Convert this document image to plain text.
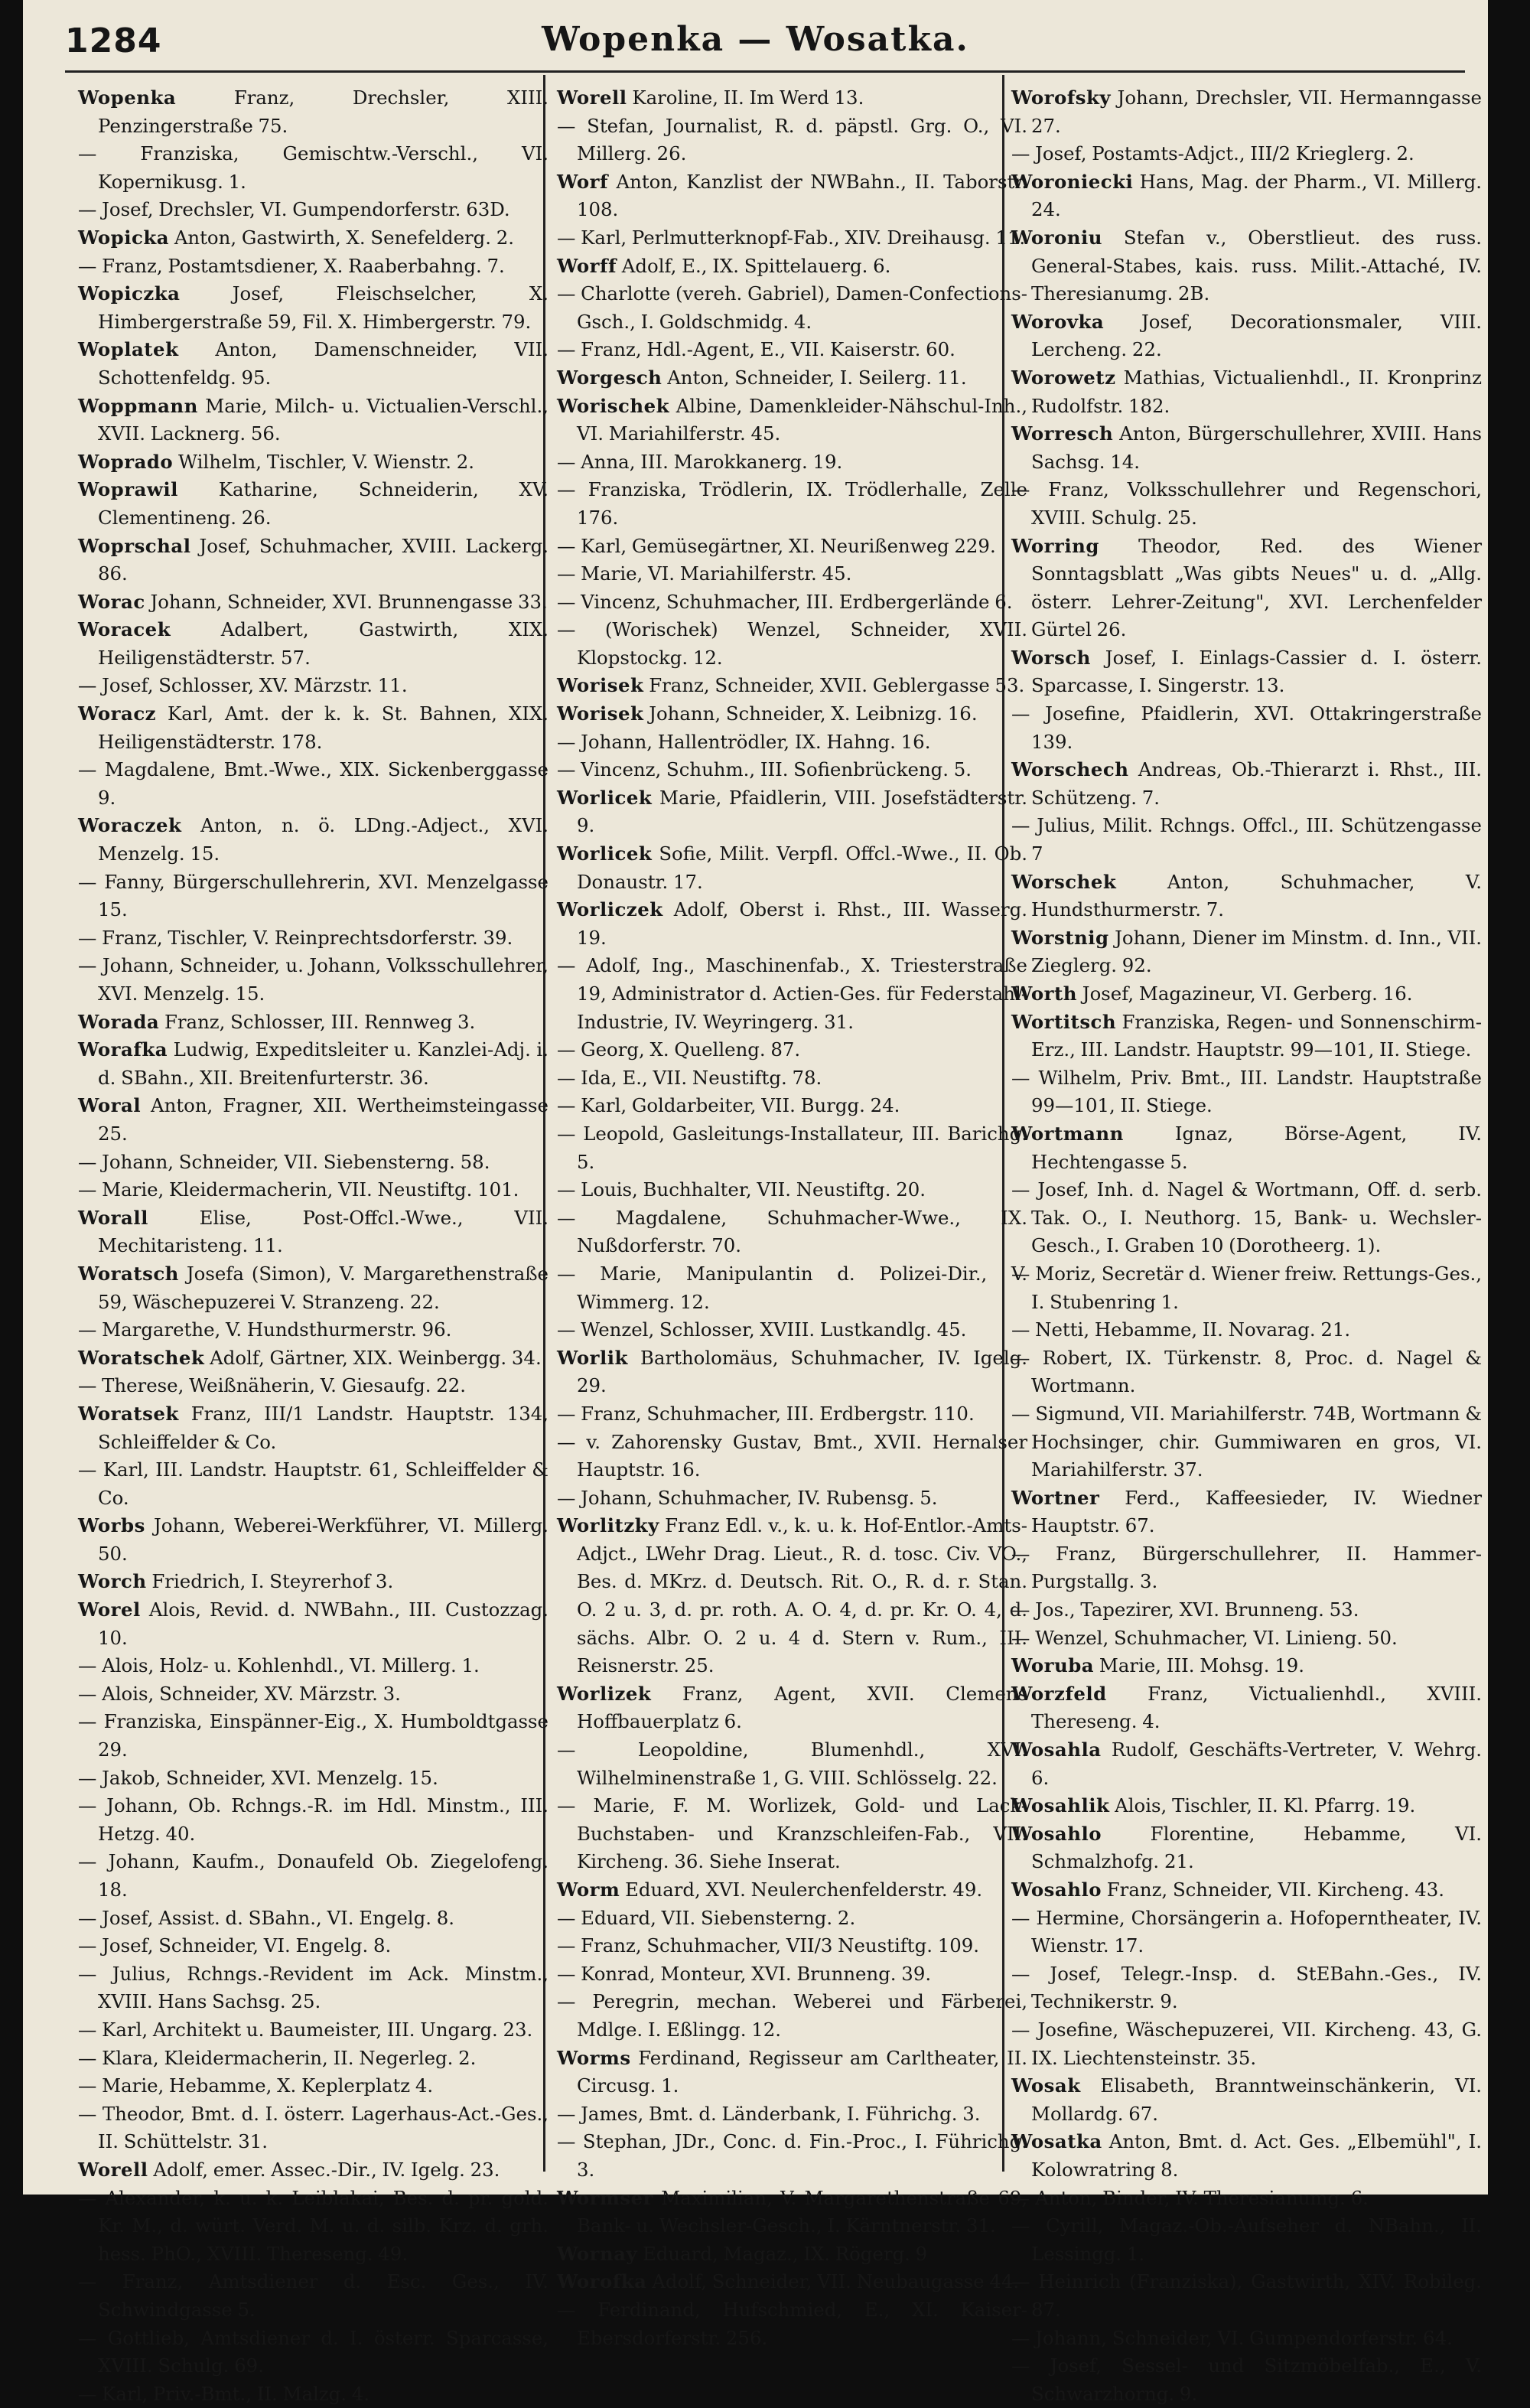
1284	Wopenka — Wosatka.
Wopenka	Franz, Drechsler, XIII. Penzingerstraße 75.
— Franziska, Gemischtw.-Verschl., VI. Kopernikusg. 1.
— Josef, Drechsler, VI. Gumpendorferstr. 63D.
Wopicka Anton, Gastwirth, X. Senefelderg. 2.
— Franz, Postamtsdiener, X. Raaberbahng. 7.
Wopiczka	Josef, Fleischselcher, X. Himbergerstraße 59, Fil. X. Himbergerstr. 79.
Woplatek Anton, Damenschneider, VII. Schottenfeldg. 95.
Woppmann Marie, Milch- u. Victualien-Verschl., XVII. Lacknerg. 56.
Woprado Wilhelm, Tischler, V. Wienstr. 2.
Woprawil Katharine, Schneiderin, XV. Clementineng. 26.
Woprschal Josef, Schuhmacher, XVIII. Lackerg. 86.
Worac Johann, Schneider, XVI. Brunnengasse 33.
Woracek	Adalbert, Gastwirth, XIX. Heiligenstädterstr. 57.
— Josef, Schlosser, XV. Märzstr. 11.
Woracz Karl, Amt. der k. k. St. Bahnen, XIX. Heiligenstädterstr. 178.
— Magdalene, Bmt.-Wwe., XIX. Sickenberggasse 9.
Woraczek Anton, n. ö. LDng.-Adject., XVI. Menzelg. 15.
— Fanny, Bürgerschullehrerin, XVI. Menzelgasse 15.
— Franz, Tischler, V. Reinprechtsdorferstr. 39.
— Johann, Schneider, u. Johann, Volksschullehrer, XVI. Menzelg. 15.
Worada Franz, Schlosser, III. Rennweg 3.
Worafka Ludwig, Expeditsleiter u. Kanzlei-Adj. i. d. SBahn., XII. Breitenfurterstr. 36.
Woral Anton, Fragner, XII. Wertheimsteingasse 25.
— Johann, Schneider, VII. Siebensterng. 58.
— Marie, Kleidermacherin, VII. Neustiftg. 101.
Worall	Elise, Post-Offcl.-Wwe., VII. Mechitaristeng. 11.
Woratsch Josefa (Simon), V. Margarethenstraße 59, Wäschepuzerei V. Stranzeng. 22.
— Margarethe, V. Hundsthurmerstr. 96.
Woratschek Adolf, Gärtner, XIX. Weinbergg. 34.
— Therese, Weißnäherin, V. Giesaufg. 22.
Woratsek Franz, III/1 Landstr. Hauptstr. 134, Schleiffelder & Co.
— Karl, III. Landstr. Hauptstr. 61, Schleiffelder & Co.
Worbs Johann, Weberei-Werkführer, VI. Millerg. 50.
Worch Friedrich, I. Steyrerhof 3.
Worel Alois, Revid. d. NWBahn., III. Custozzag. 10.
— Alois, Holz- u. Kohlenhdl., VI. Millerg. 1.
— Alois, Schneider, XV. Märzstr. 3.
— Franziska, Einspänner-Eig., X. Humboldtgasse 29.
— Jakob, Schneider, XVI. Menzelg. 15.
— Johann, Ob. Rchngs.-R. im Hdl. Minstm., III. Hetzg. 40.
— Johann, Kaufm., Donaufeld Ob. Ziegelofeng. 18.
— Josef, Assist. d. SBahn., VI. Engelg. 8.
— Josef, Schneider, VI. Engelg. 8.
— Julius, Rchngs.-Revident im Ack. Minstm., XVIII. Hans Sachsg. 25.
— Karl, Architekt u. Baumeister, III. Ungarg. 23.
— Klara, Kleidermacherin, II. Negerleg. 2.
— Marie, Hebamme, X. Keplerplatz 4.
— Theodor, Bmt. d. I. österr. Lagerhaus-Act.-Ges., II. Schüttelstr. 31.
Worell Adolf, emer. Assec.-Dir., IV. Igelg. 23.
— Alexander, k. u. k. Leiblakai, Bes. d. pr. gold. Kr. M., d. würt. Verd. M. u. d. silb. Krz. d. grh. hess. PhO., XVIII. Thereseng. 49.
— Franz, Amtsdiener d. Esc. Ges., IV. Schwindgasse 5.
— Gottlieb, Amtsdiener d. I. österr. Sparcasse, XVIII. Schulg. 69.
— Karl, Priv.-Bmt., II. Malzg. 4.
Worell Karoline, II. Im Werd 13.
— Stefan, Journalist, R. d. päpstl. Grg. O., VI. Millerg. 26.
Worf Anton, Kanzlist der NWBahn., II. Taborstr. 108.
— Karl, Perlmutterknopf-Fab., XIV. Dreihausg. 11.
Worff Adolf, E., IX. Spittelauerg. 6.
— Charlotte (vereh. Gabriel), Damen-Confections-Gsch., I. Goldschmidg. 4.
— Franz, Hdl.-Agent, E., VII. Kaiserstr. 60.
Worgesch Anton, Schneider, I. Seilerg. 11.
Worischek Albine, Damenkleider-Nähschul-Inh., VI. Mariahilferstr. 45.
— Anna, III. Marokkanerg. 19.
— Franziska, Trödlerin, IX. Trödlerhalle, Zelle 176.
— Karl, Gemüsegärtner, XI. Neurißenweg 229.
— Marie, VI. Mariahilferstr. 45.
— Vincenz, Schuhmacher, III. Erdbergerlände 6.
— (Worischek) Wenzel, Schneider, XVII. Klopstockg. 12.
Worisek Franz, Schneider, XVII. Geblergasse 53.
Worisek Johann, Schneider, X. Leibnizg. 16.
— Johann, Hallentrödler, IX. Hahng. 16.
— Vincenz, Schuhm., III. Sofienbrückeng. 5.
Worlicek Marie, Pfaidlerin, VIII. Josefstädterstr. 9.
Worlicek Sofie, Milit. Verpfl. Offcl.-Wwe., II. Ob. Donaustr. 17.
Worliczek Adolf, Oberst i. Rhst., III. Wasserg. 19.
— Adolf, Ing., Maschinenfab., X. Triesterstraße 19, Administrator d. Actien-Ges. für Federstahl-Industrie, IV. Weyringerg. 31.
— Georg, X. Quelleng. 87.
— Ida, E., VII. Neustiftg. 78.
— Karl, Goldarbeiter, VII. Burgg. 24.
— Leopold, Gasleitungs-Installateur, III. Barichg. 5.
— Louis, Buchhalter, VII. Neustiftg. 20.
— Magdalene, Schuhmacher-Wwe., IX. Nußdorferstr. 70.
— Marie, Manipulantin d. Polizei-Dir., V. Wimmerg. 12.
— Wenzel, Schlosser, XVIII. Lustkandlg. 45.
Worlik Bartholomäus, Schuhmacher, IV. Igelg. 29.
— Franz, Schuhmacher, III. Erdbergstr. 110.
— v. Zahorensky Gustav, Bmt., XVII. Hernalser Hauptstr. 16.
— Johann, Schuhmacher, IV. Rubensg. 5.
Worlitzky Franz Edl. v., k. u. k. Hof-Entlor.-Amts-Adjct., LWehr Drag. Lieut., R. d. tosc. Civ. VO., Bes. d. MKrz. d. Deutsch. Rit. O., R. d. r. Stan. O. 2 u. 3, d. pr. roth. A. O. 4, d. pr. Kr. O. 4, d. sächs. Albr. O. 2 u. 4 d. Stern v. Rum., III. Reisnerstr. 25.
Worlizek Franz, Agent, XVII. Clemens Hoffbauerplatz 6.
— Leopoldine, Blumenhdl., XVI. Wilhelminenstraße 1, G. VIII. Schlösselg. 22.
— Marie, F. M. Worlizek, Gold- und Lack-Buchstaben- und Kranzschleifen-Fab., VII. Kircheng. 36. Siehe Inserat.
Worm Eduard, XVI. Neulerchenfelderstr. 49.
— Eduard, VII. Siebensterng. 2.
— Franz, Schuhmacher, VII/3 Neustiftg. 109.
— Konrad, Monteur, XVI. Brunneng. 39.
— Peregrin, mechan. Weberei und Färberei, Mdlge. I. Eßlingg. 12.
Worms Ferdinand, Regisseur am Carltheater, II. Circusg. 1.
— James, Bmt. d. Länderbank, I. Führichg. 3.
— Stephan, JDr., Conc. d. Fin.-Proc., I. Führichg. 3.
Wormser Maximilian, V. Margarethenstraße 69, Bank- u. Wechsler-Gesch., I. Kärntnerstr. 31.
Wornay Eduard, Magaz., IX. Rögerg. 9
Worofka Adolf, Schneider, VII. Neubaugasse 44.
— Ferdinand, Hufschmied, E., XI. Kaiser-Ebersdorferstr. 256.
Worofsky Johann, Drechsler, VII. Hermanngasse 27.
— Josef, Postamts-Adjct., III/2 Krieglerg. 2.
Woroniecki Hans, Mag. der Pharm., VI. Millerg. 24.
Woroniu Stefan v., Oberstlieut. des russ. General-Stabes, kais. russ. Milit.-Attaché, IV. Theresianumg. 2B.
Worovka Josef, Decorationsmaler, VIII. Lercheng. 22.
Worowetz Mathias, Victualienhdl., II. Kronprinz Rudolfstr. 182.
Worresch Anton, Bürgerschullehrer, XVIII. Hans Sachsg. 14.
— Franz, Volksschullehrer und Regenschori, XVIII. Schulg. 25.
Worring Theodor, Red. des Wiener Sonntagsblatt „Was gibts Neues" u. d. „Allg. österr. Lehrer-Zeitung", XVI. Lerchenfelder Gürtel 26.
Worsch Josef, I. Einlags-Cassier d. I. österr. Sparcasse, I. Singerstr. 13.
— Josefine, Pfaidlerin, XVI. Ottakringerstraße 139.
Worschech Andreas, Ob.-Thierarzt i. Rhst., III. Schützeng. 7.
— Julius, Milit. Rchngs. Offcl., III. Schützengasse 7
Worschek	Anton, Schuhmacher, V. Hundsthurmerstr. 7.
Worstnig Johann, Diener im Minstm. d. Inn., VII. Zieglerg. 92.
Worth Josef, Magazineur, VI. Gerberg. 16.
Wortitsch Franziska, Regen- und Sonnenschirm-Erz., III. Landstr. Hauptstr. 99—101, II. Stiege.
— Wilhelm, Priv. Bmt., III. Landstr. Hauptstraße 99—101, II. Stiege.
Wortmann	Ignaz, Börse-Agent, IV. Hechtengasse 5.
— Josef, Inh. d. Nagel & Wortmann, Off. d. serb. Tak. O., I. Neuthorg. 15, Bank- u. Wechsler-Gesch., I. Graben 10 (Dorotheerg. 1).
— Moriz, Secretär d. Wiener freiw. Rettungs-Ges., I. Stubenring 1.
— Netti, Hebamme, II. Novarag. 21.
— Robert, IX. Türkenstr. 8, Proc. d. Nagel & Wortmann.
— Sigmund, VII. Mariahilferstr. 74B, Wortmann & Hochsinger, chir. Gummiwaren en gros, VI. Mariahilferstr. 37.
Wortner Ferd., Kaffeesieder, IV. Wiedner Hauptstr. 67.
— Franz, Bürgerschullehrer, II. Hammer-Purgstallg. 3.
— Jos., Tapezirer, XVI. Brunneng. 53.
— Wenzel, Schuhmacher, VI. Linieng. 50.
Woruba Marie, III. Mohsg. 19.
Worzfeld Franz, Victualienhdl., XVIII. Thereseng. 4.
Wosahla Rudolf, Geschäfts-Vertreter, V. Wehrg. 6.
Wosahlik Alois, Tischler, II. Kl. Pfarrg. 19.
Wosahlo	Florentine, Hebamme, VI. Schmalzhofg. 21.
Wosahlo Franz, Schneider, VII. Kircheng. 43.
— Hermine, Chorsängerin a. Hofoperntheater, IV. Wienstr. 17.
— Josef, Telegr.-Insp. d. StEBahn.-Ges., IV. Technikerstr. 9.
— Josefine, Wäschepuzerei, VII. Kircheng. 43, G. IX. Liechtensteinstr. 35.
Wosak Elisabeth, Branntweinschänkerin, VI. Mollardg. 67.
Wosatka Anton, Bmt. d. Act. Ges. „Elbemühl", I. Kolowratring 8.
— Anton, Binder, IV. Theresianumg. 6.
— Cyrill, Magaz.-Ob.-Aufseher d. NBahn., II. Lessingg. 1.
— Heinrich (Franziska), Gastwirth, XIV. Robileg. 87.
— Johann, Schneider, VI. Gumpendorferstr. 64.
— Josef, Sessel- und Sitzmöbelfab., E., V. Schwarzhorng. 9.
